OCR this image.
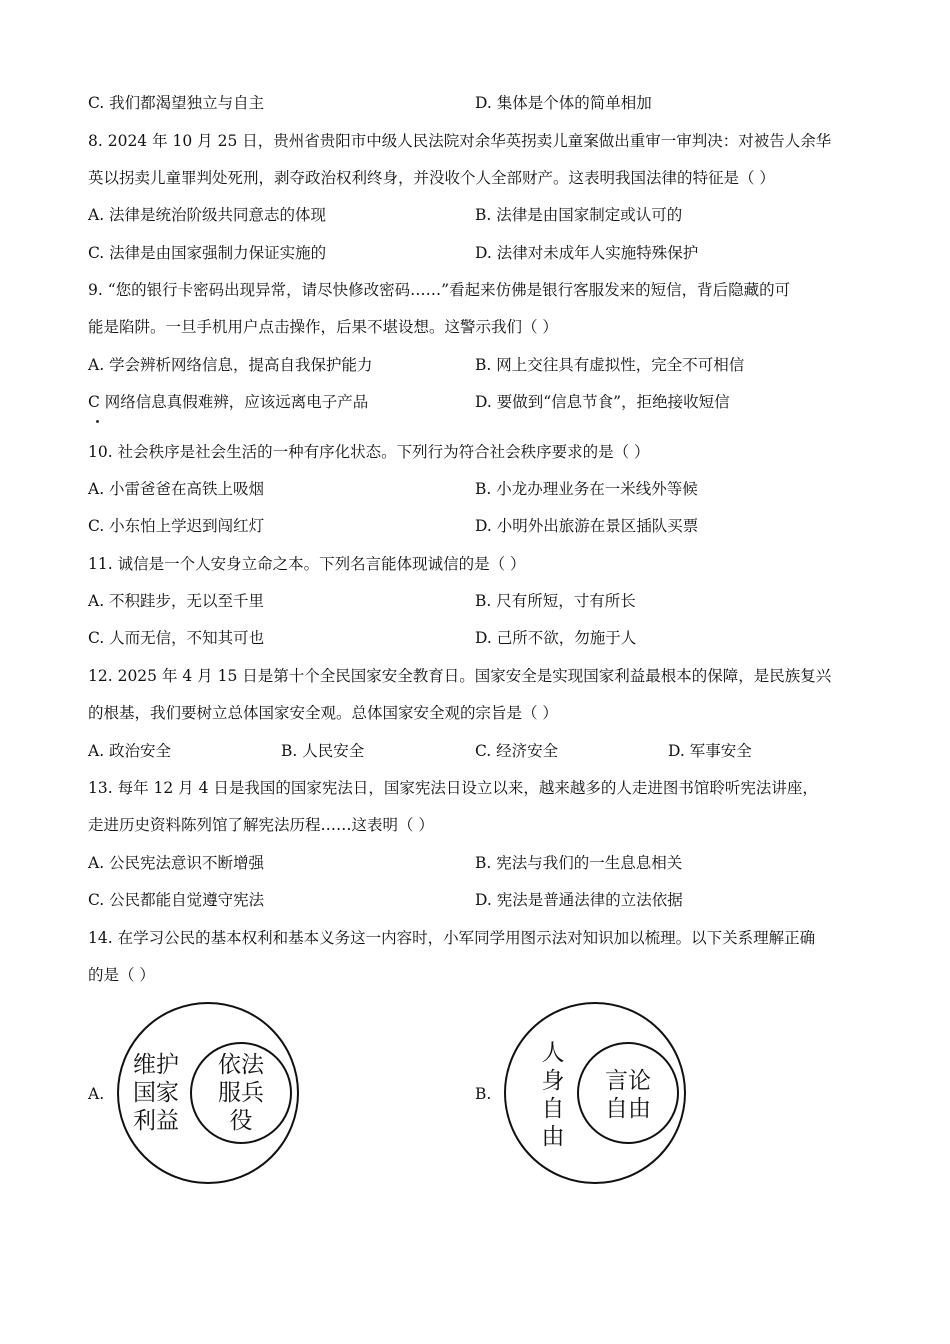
C. 我们都渴望独立与自主	D. 集体是个体的简单相加
8. 2024 年 10 月 25 日，贵州省贵阳市中级人民法院对余华英拐卖儿童案做出重审一审判决：对被告人余华
英以拐卖儿童罪判处死刑，剥夺政治权利终身，并没收个人全部财产。这表明我国法律的特征是（ ）
A. 法律是统治阶级共同意志的体现	B. 法律是由国家制定或认可的
C. 法律是由国家强制力保证实施的	D. 法律对未成年人实施特殊保护
9. “您的银行卡密码出现异常，请尽快修改密码……”看起来仿佛是银行客服发来的短信，背后隐藏的可
能是陷阱。一旦手机用户点击操作，后果不堪设想。这警示我们（ ）
A. 学会辨析网络信息，提高自我保护能力	B. 网上交往具有虚拟性，完全不可相信
C 网络信息真假难辨，应该远离电子产品	D. 要做到“信息节食”，拒绝接收短信
10. 社会秩序是社会生活的一种有序化状态。下列行为符合社会秩序要求的是（ ）
A. 小雷爸爸在高铁上吸烟	B. 小龙办理业务在一米线外等候
C. 小东怕上学迟到闯红灯	D. 小明外出旅游在景区插队买票
11. 诚信是一个人安身立命之本。下列名言能体现诚信的是（ ）
A. 不积跬步，无以至千里	B. 尺有所短，寸有所长
C. 人而无信，不知其可也	D. 己所不欲，勿施于人
12. 2025 年 4 月 15 日是第十个全民国家安全教育日。国家安全是实现国家利益最根本的保障，是民族复兴
的根基，我们要树立总体国家安全观。总体国家安全观的宗旨是（ ）
A. 政治安全	B. 人民安全	C. 经济安全	D. 军事安全
13. 每年 12 月 4 日是我国的国家宪法日，国家宪法日设立以来，越来越多的人走进图书馆聆听宪法讲座，
走进历史资料陈列馆了解宪法历程……这表明（ ）
A. 公民宪法意识不断增强	B. 宪法与我们的一生息息相关
C. 公民都能自觉遵守宪法	D. 宪法是普通法律的立法依据
14. 在学习公民的基本权利和基本义务这一内容时，小军同学用图示法对知识加以梳理。以下关系理解正确
的是（ ）
A.
维护
国家
利益
依法
服兵
役
B.
人
身
自
由
言论
自由
